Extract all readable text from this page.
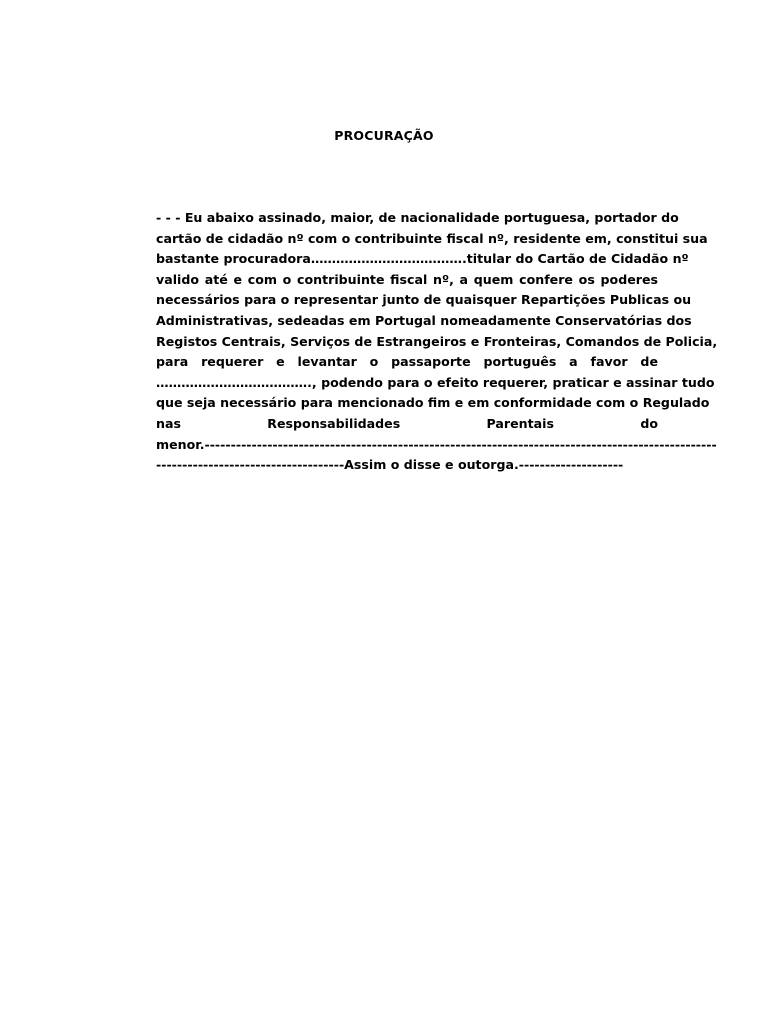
PROCURAÇÃO
- - - Eu abaixo assinado, maior, de nacionalidade portuguesa, portador do
cartão de cidadão nº com o contribuinte fiscal nº, residente em, constitui sua
bastante procuradora……………………………….titular do Cartão de Cidadão nº
valido até e com o contribuinte fiscal nº, a quem confere os poderes
necessários para o representar junto de quaisquer Repartições Publicas ou
Administrativas, sedeadas em Portugal nomeadamente Conservatórias dos
Registos Centrais, Serviços de Estrangeiros e Fronteiras, Comandos de Policia,
para requerer e levantar o passaporte português a favor de
………………………………., podendo para o efeito requerer, praticar e assinar tudo
que seja necessário para mencionado fim e em conformidade com o Regulado
nas Responsabilidades Parentais do
menor.--------------------------------------------------------------------------------------------------
------------------------------------Assim o disse e outorga.--------------------
